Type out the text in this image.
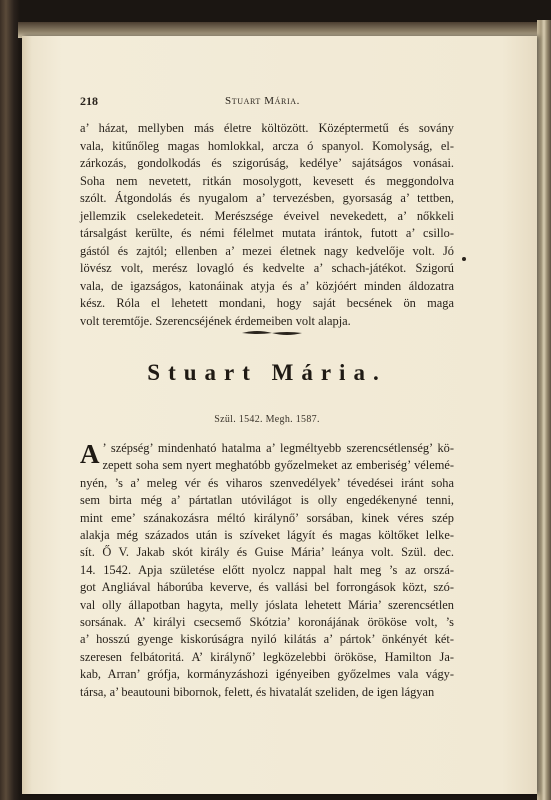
218	Stuart Mária.
a’ házat, mellyben más életre költözött. Középtermetű és sovány
vala, kitűnőleg magas homlokkal, arcza ó spanyol. Komolyság, el-
zárkozás, gondolkodás és szigorúság, kedélye’ sajátságos vonásai.
Soha nem nevetett, ritkán mosolygott, kevesett és meggondolva
szólt. Átgondolás és nyugalom a’ tervezésben, gyorsaság a’ tettben,
jellemzik cselekedeteit. Merészsége éveivel nevekedett, a’ nőkkeli
társalgást kerülte, és némi félelmet mutata irántok, futott a’ csillo-
gástól és zajtól; ellenben a’ mezei életnek nagy kedvelője volt. Jó
lövész volt, merész lovagló és kedvelte a’ schach-játékot. Szigorú
vala, de igazságos, katonáinak atyja és a’ közjóért minden áldozatra
kész. Róla el lehetett mondani, hogy saját becsének ön maga
volt teremtője. Szerencséjének érdemeiben volt alapja.
Stuart Mária.
Szül. 1542. Megh. 1587.
A ’ szépség’ mindenható hatalma a’ legméltyebb szerencsétlenség’ kö-
zepett soha sem nyert meghatóbb győzelmeket az emberiség’ vélemé-
nyén, ’s a’ meleg vér és viharos szenvedélyek’ tévedései iránt soha
sem birta még a’ pártatlan utóvilágot is olly engedékenyné tenni,
mint eme’ szánakozásra méltó királynő’ sorsában, kinek véres szép
alakja még százados után is szíveket lágyít és magas költőket lelke-
sít. Ő V. Jakab skót király és Guise Mária’ leánya volt. Szül. dec.
14. 1542. Apja születése előtt nyolcz nappal halt meg ’s az orszá-
got Angliával háborúba keverve, és vallási bel forrongások közt, szó-
val olly állapotban hagyta, melly jóslata lehetett Mária’ szerencsétlen
sorsának. A’ királyi csecsemő Skótzia’ koronájának örököse volt, ’s
a’ hosszú gyenge kiskorúságra nyiló kilátás a’ pártok’ önkényét két-
szeresen felbátoritá. A’ királynő’ legközelebbi örököse, Hamilton Ja-
kab, Arran’ grófja, kormányzáshozi igényeiben győzelmes vala vágy-
társa, a’ beautouni bibornok, felett, és hivatalát szeliden, de igen lágyan
